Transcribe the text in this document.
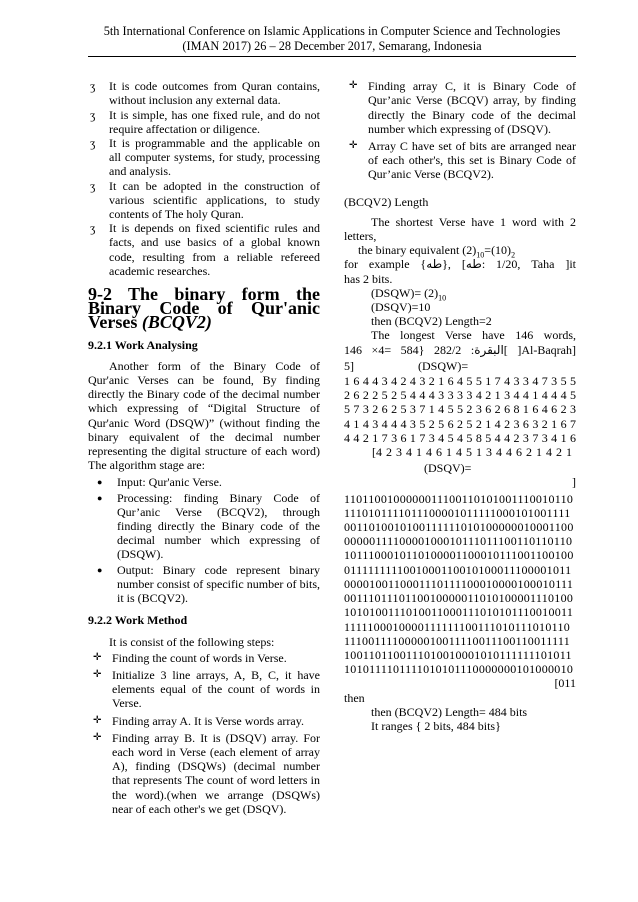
5th International Conference on Islamic Applications in Computer Science and Technologies
(IMAN 2017) 26 – 28 December 2017, Semarang, Indonesia
ʒ It is code outcomes from Quran contains, without inclusion any external data.
ʒ It is simple, has one fixed rule, and do not require affectation or diligence.
ʒ It is programmable and the applicable on all computer systems, for study, processing and analysis.
ʒ It can be adopted in the construction of various scientific applications, to study contents of The holy Quran.
ʒ It is depends on fixed scientific rules and facts, and use basics of a global known code, resulting from a reliable refereed academic researches.
9-2 The binary form the Binary Code of Qur'anic Verses (BCQV2)
9.2.1 Work Analysing

Another form of the Binary Code of Qur'anic Verses can be found, By finding directly the Binary code of the decimal number which expressing of “Digital Structure of Qur'anic Word (DSQW)” (without finding the binary equivalent of the decimal number representing the digital structure of each word) The algorithm stage are:

● Input: Qur'anic Verse.
● Processing: finding Binary Code of Qur’anic Verse (BCQV2), through finding directly the Binary code of the decimal number which expressing of (DSQW).
● Output: Binary code represent binary number consist of specific number of bits, it is (BCQV2).
9.2.2 Work Method
It is consist of the following steps:
✛ Finding the count of words in Verse.
✛ Initialize 3 line arrays, A, B, C, it have elements equal of the count of words in Verse.
✛ Finding array A. It is Verse words array.
✛ Finding array B. It is (DSQV) array. For each word in Verse (each element of array A), finding (DSQWs) (decimal number that represents The count of word letters in the word).(when we arrange (DSQWs) near of each other's we get (DSQV).
✛ Finding array C, it is Binary Code of Qur’anic Verse (BCQV) array, by finding directly the Binary code of the decimal number which expressing of (DSQV).
✛ Array C have set of bits are arranged near of each other's, this set is Binary Code of Qur’anic Verse (BCQV2).
(BCQV2) Length
The shortest Verse have 1 word with 2
letters,
the binary equivalent $(2)_{10}=(10)_2$
for example {طه}, [1/20 :طه, Taha ]it
has 2 bits.
(DSQW)= $(2)_{10}$
(DSQV)=10
then (BCQV2) Length=2
The longest Verse have 146 words,
146 ×4= 584} 282/2 :البقرة[ ]Al-Baqrah]
5]	(DSQW)=
1 6 4 4 3 4 2 4 3 2 1 6 4 5 5 1 7 4 3 3 4 7 3 5 5
2 6 2 2 5 2 5 4 4 4 3 3 3 3 4 2 1 3 4 4 1 4 4 4 5
5 7 3 2 6 2 5 3 7 1 4 5 5 2 3 6 2 6 8 1 6 4 6 2 3
4 1 4 3 4 4 4 3 5 2 5 6 2 5 2 1 4 2 3 6 3 2 1 6 7
4 4 2 1 7 3 6 1 7 3 4 5 4 5 8 5 4 4 2 3 7 3 4 1 6
[4 2 3 4 1 4 6 1 4 5 1 3 4 4 6 2 1 4 2 1
(DSQV)=
]
1101100100000011100110101001110010110
1110101111011100001011111000101001111
0011010010100111111010100000010001100
0000011110000100010111011100110110110
1011100010110100001100010111001100100
0111111111001000110010100011100001011
0000100110001110111100010000100010111
0011101110110010000011010100001110100
1010100111010011000111010101110010011
1111100010000111111100111010111010110
1110011110000010011110011100110011111
1001101100111010010001010111111101011
1010111101111010101110000000101000010
[011
then
then (BCQV2) Length= 484 bits
It ranges { 2 bits, 484 bits}
